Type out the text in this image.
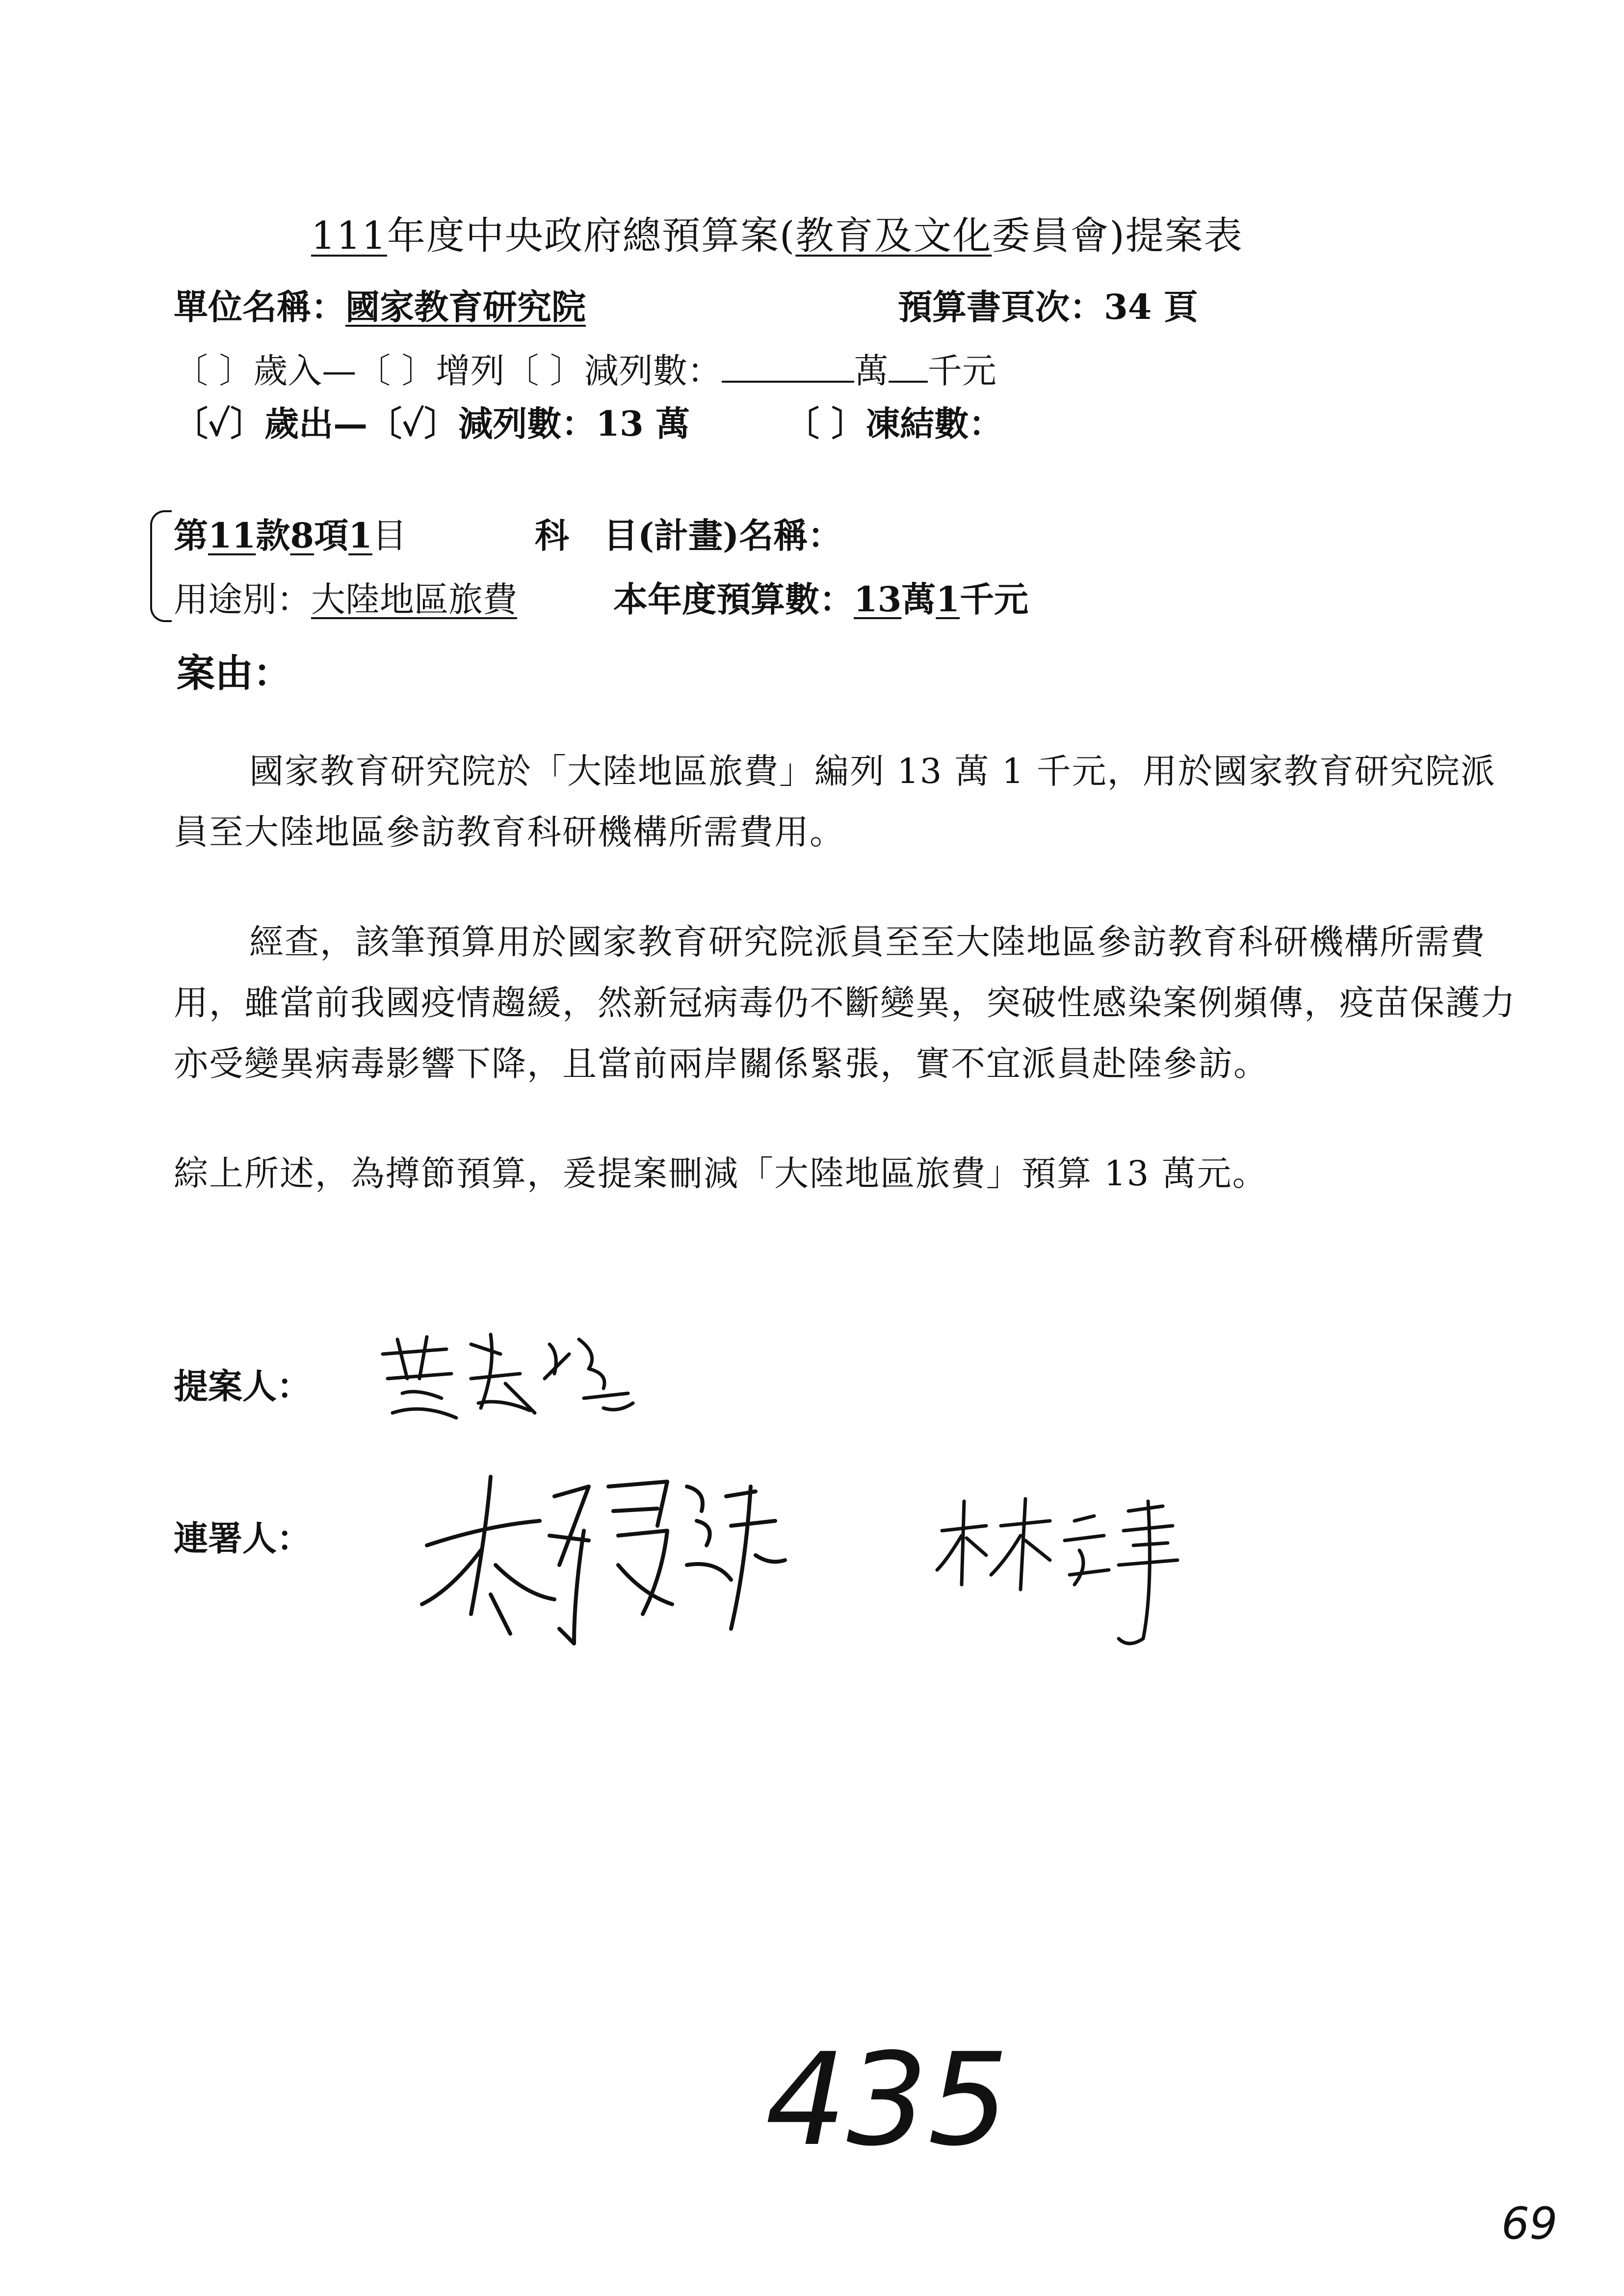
111年度中央政府總預算案(教育及文化委員會)提案表
單位名稱：國家教育研究院	預算書頁次：34 頁
〔 〕歲入—〔 〕增列〔 〕減列數：	萬 千元
〔✓〕歲出—〔✓〕減列數：13 萬	〔 〕凍結數：
第11款8項1目	科　目(計畫)名稱：
用途別：大陸地區旅費	本年度預算數：13萬1千元
案由：
國家教育研究院於「大陸地區旅費」編列 13 萬 1 千元，用於國家教育研究院派員至大陸地區參訪教育科研機構所需費用。
經查，該筆預算用於國家教育研究院派員至至大陸地區參訪教育科研機構所需費用，雖當前我國疫情趨緩，然新冠病毒仍不斷變異，突破性感染案例頻傳，疫苗保護力亦受變異病毒影響下降，且當前兩岸關係緊張，實不宜派員赴陸參訪。
綜上所述，為撙節預算，爰提案刪減「大陸地區旅費」預算 13 萬元。
提案人：
連署人：
435
69
